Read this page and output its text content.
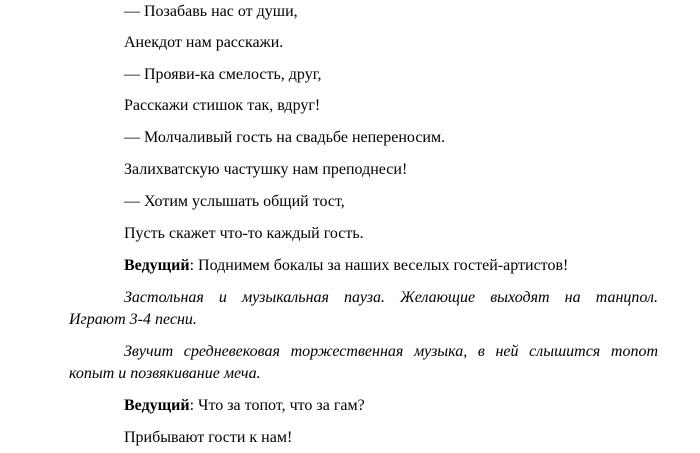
— Позабавь нас от души,
Анекдот нам расскажи.
— Прояви-ка смелость, друг,
Расскажи стишок так, вдруг!
— Молчаливый гость на свадьбе непереносим.
Залихватскую частушку нам преподнеси!
— Хотим услышать общий тост,
Пусть скажет что-то каждый гость.
Ведущий: Поднимем бокалы за наших веселых гостей-артистов!
Застольная и музыкальная пауза. Желающие выходят на танцпол.
Играют 3-4 песни.
Звучит средневековая торжественная музыка, в ней слышится топот
копыт и позвякивание меча.
Ведущий: Что за топот, что за гам?
Прибывают гости к нам!
